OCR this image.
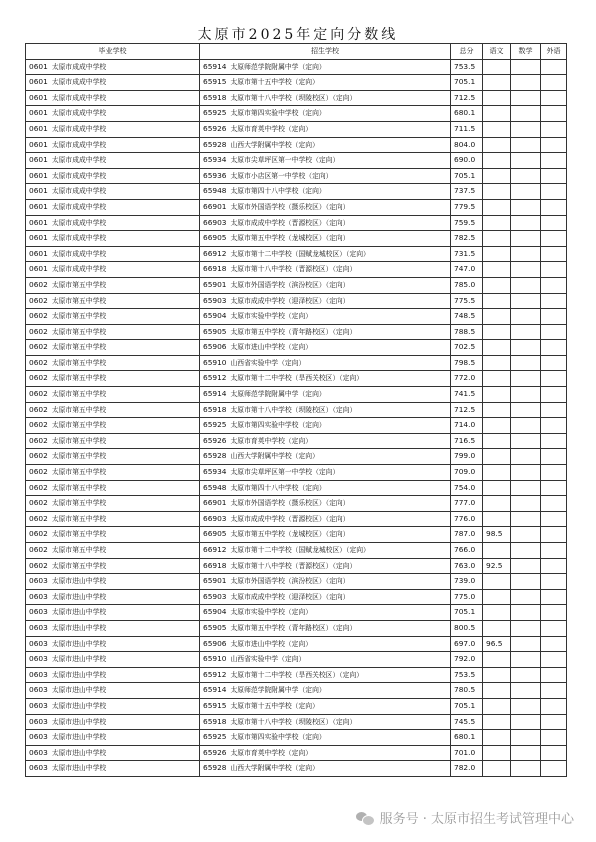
太原市2025年定向分数线
毕业学校	招生学校	总分	语文	数学	外语
0601 太原市成成中学校	65914 太原师范学院附属中学（定向）	753.5			
0601 太原市成成中学校	65915 太原市第十五中学校（定向）	705.1			
0601 太原市成成中学校	65918 太原市第十八中学校（坝陵校区）（定向）	712.5			
0601 太原市成成中学校	65925 太原市第四实验中学校（定向）	680.1			
0601 太原市成成中学校	65926 太原市育英中学校（定向）	711.5			
0601 太原市成成中学校	65928 山西大学附属中学校（定向）	804.0			
0601 太原市成成中学校	65934 太原市尖草坪区第一中学校（定向）	690.0			
0601 太原市成成中学校	65936 太原市小店区第一中学校（定向）	705.1			
0601 太原市成成中学校	65948 太原市第四十八中学校（定向）	737.5			
0601 太原市成成中学校	66901 太原市外国语学校（摄乐校区）（定向）	779.5			
0601 太原市成成中学校	66903 太原市成成中学校（晋源校区）（定向）	759.5			
0601 太原市成成中学校	66905 太原市第五中学校（龙城校区）（定向）	782.5			
0601 太原市成成中学校	66912 太原市第十二中学校（国赋龙城校区）（定向）	731.5			
0601 太原市成成中学校	66918 太原市第十八中学校（晋源校区）（定向）	747.0			
0602 太原市第五中学校	65901 太原市外国语学校（滨汾校区）（定向）	785.0			
0602 太原市第五中学校	65903 太原市成成中学校（迎泽校区）（定向）	775.5			
0602 太原市第五中学校	65904 太原市实验中学校（定向）	748.5			
0602 太原市第五中学校	65905 太原市第五中学校（青年路校区）（定向）	788.5			
0602 太原市第五中学校	65906 太原市进山中学校（定向）	702.5			
0602 太原市第五中学校	65910 山西省实验中学（定向）	798.5			
0602 太原市第五中学校	65912 太原市第十二中学校（旱西关校区）（定向）	772.0			
0602 太原市第五中学校	65914 太原师范学院附属中学（定向）	741.5			
0602 太原市第五中学校	65918 太原市第十八中学校（坝陵校区）（定向）	712.5			
0602 太原市第五中学校	65925 太原市第四实验中学校（定向）	714.0			
0602 太原市第五中学校	65926 太原市育英中学校（定向）	716.5			
0602 太原市第五中学校	65928 山西大学附属中学校（定向）	799.0			
0602 太原市第五中学校	65934 太原市尖草坪区第一中学校（定向）	709.0			
0602 太原市第五中学校	65948 太原市第四十八中学校（定向）	754.0			
0602 太原市第五中学校	66901 太原市外国语学校（摄乐校区）（定向）	777.0			
0602 太原市第五中学校	66903 太原市成成中学校（晋源校区）（定向）	776.0			
0602 太原市第五中学校	66905 太原市第五中学校（龙城校区）（定向）	787.0	98.5		
0602 太原市第五中学校	66912 太原市第十二中学校（国赋龙城校区）（定向）	766.0			
0602 太原市第五中学校	66918 太原市第十八中学校（晋源校区）（定向）	763.0	92.5		
0603 太原市进山中学校	65901 太原市外国语学校（滨汾校区）（定向）	739.0			
0603 太原市进山中学校	65903 太原市成成中学校（迎泽校区）（定向）	775.0			
0603 太原市进山中学校	65904 太原市实验中学校（定向）	705.1			
0603 太原市进山中学校	65905 太原市第五中学校（青年路校区）（定向）	800.5			
0603 太原市进山中学校	65906 太原市进山中学校（定向）	697.0	96.5		
0603 太原市进山中学校	65910 山西省实验中学（定向）	792.0			
0603 太原市进山中学校	65912 太原市第十二中学校（旱西关校区）（定向）	753.5			
0603 太原市进山中学校	65914 太原师范学院附属中学（定向）	780.5			
0603 太原市进山中学校	65915 太原市第十五中学校（定向）	705.1			
0603 太原市进山中学校	65918 太原市第十八中学校（坝陵校区）（定向）	745.5			
0603 太原市进山中学校	65925 太原市第四实验中学校（定向）	680.1			
0603 太原市进山中学校	65926 太原市育英中学校（定向）	701.0			
0603 太原市进山中学校	65928 山西大学附属中学校（定向）	782.0			
服务号 · 太原市招生考试管理中心
